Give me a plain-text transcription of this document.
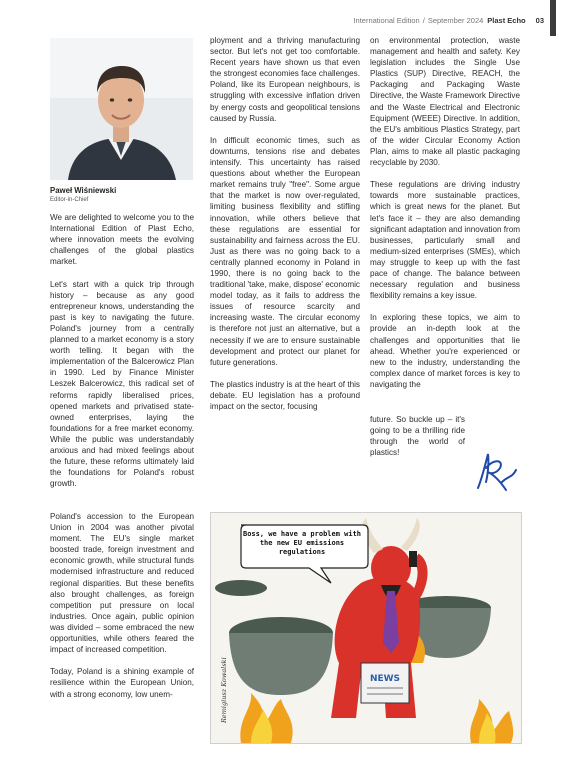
International Edition / September 2024 Plast Echo 03
Paweł Wiśniewski
Editor-in-Chief

We are delighted to welcome you to the International Edition of Plast Echo, where innovation meets the evolving challenges of the global plastics market.

Let's start with a quick trip through history – because as any good entrepreneur knows, understanding the past is key to navigating the future. Poland's journey from a centrally planned to a market economy is a story worth telling. It began with the implementation of the Balcerowicz Plan in 1990. Led by Finance Minister Leszek Balcerowicz, this radical set of reforms rapidly liberalised prices, opened markets and privatised state-owned enterprises, laying the foundations for a free market economy. While the public was understandably anxious and had mixed feelings about the future, these reforms ultimately laid the foundations for Poland's robust growth.

Poland's accession to the European Union in 2004 was another pivotal moment. The EU's single market boosted trade, foreign investment and economic growth, while structural funds modernised infrastructure and reduced regional disparities. But these benefits also brought challenges, as foreign competition put pressure on local industries. Once again, public opinion was divided – some embraced the new opportunities, while others feared the impact of increased competition.

Today, Poland is a shining example of resilience within the European Union, with a strong economy, low unem-

ployment and a thriving manufacturing sector. But let's not get too comfortable. Recent years have shown us that even the strongest economies face challenges. Poland, like its European neighbours, is struggling with excessive inflation driven by energy costs and geopolitical tensions caused by Russia.

In difficult economic times, such as downturns, tensions rise and debates intensify. This uncertainty has raised questions about whether the European market remains truly "free". Some argue that the market is now over-regulated, limiting business flexibility and stifling innovation, while others believe that these regulations are essential for sustainability and fairness across the EU. Just as there was no going back to a centrally planned economy in Poland in 1990, there is no going back to the traditional 'take, make, dispose' economic model today, as it fails to address the issues of resource scarcity and increasing waste. The circular economy is therefore not just an alternative, but a necessity if we are to ensure sustainable development and protect our planet for future generations.

The plastics industry is at the heart of this debate. EU legislation has a profound impact on the sector, focusing

on environmental protection, waste management and health and safety. Key legislation includes the Single Use Plastics (SUP) Directive, REACH, the Packaging and Packaging Waste Directive, the Waste Framework Directive and the Waste Electrical and Electronic Equipment (WEEE) Directive. In addition, the EU's ambitious Plastics Strategy, part of the wider Circular Economy Action Plan, aims to make all plastic packaging recyclable by 2030.

These regulations are driving industry towards more sustainable practices, which is great news for the planet. But let's face it – they are also demanding significant adaptation and innovation from businesses, particularly small and medium-sized enterprises (SMEs), which may struggle to keep up with the fast pace of change. The balance between necessary regulation and business flexibility remains a key issue.

In exploring these topics, we aim to provide an in-depth look at the challenges and opportunities that lie ahead. Whether you're experienced or new to the industry, understanding the complex dance of market forces is key to navigating the

future. So buckle up – it's going to be a thrilling ride through the world of plastics!
NEWS
Boss, we have a problem with the new EU emissions regulations
Remigiusz Kowalski
